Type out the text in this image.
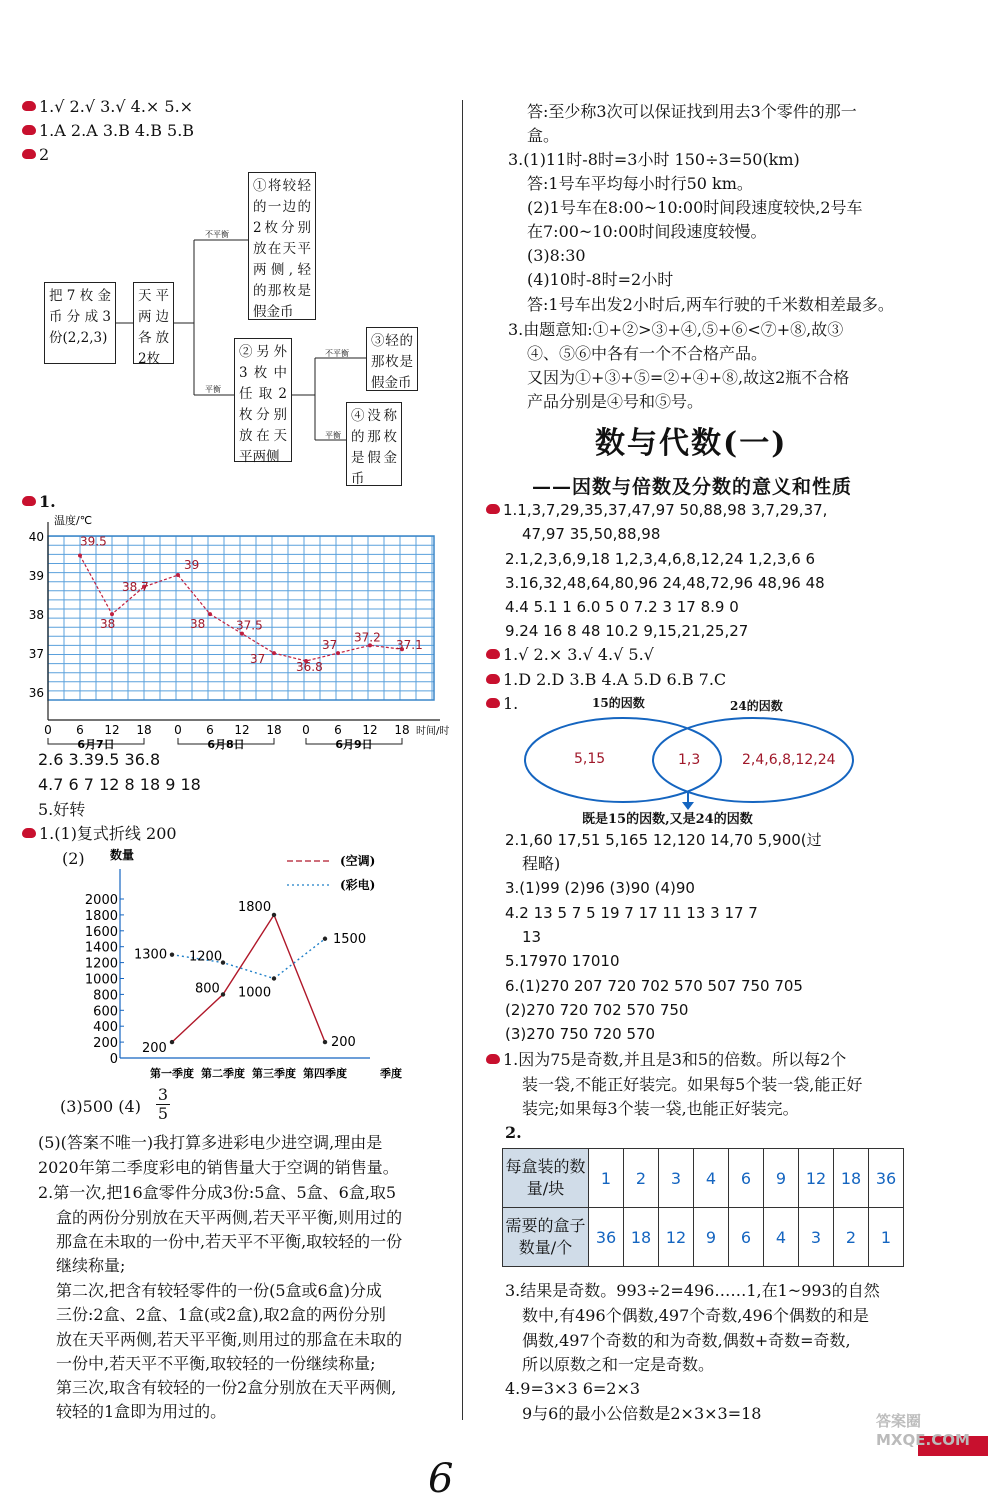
1.√ 2.√ 3.√ 4.× 5.×
1.A 2.A 3.B 4.B 5.B
2
把7枚金币分成3份(2,2,3)
天平两边各放2枚
不平衡
平衡
①将较轻的一边的2枚分别放在天平两侧,轻的那枚是假金币
②另外3枚中任取2枚分别放在天平两侧
不平衡
平衡
③轻的那枚是假金币
④没称的那枚是假金币
1.
温度/℃
时间/时
40
39
38
37
36
0 6 12 18 0 6 12 18 0 6 12 18
6月7日	6月8日	6月9日
39.5
38
38.7
39
38	37.5
37
36.8
37
37.2
37.1
2.6 3.39.5 36.8
4.7 6 7 12 8 18 9 18
5.好转
1.(1)复式折线 200
(2) 数量
2000
1800
1600
1400
1200
1000
800
600
400
200
0
第一季度 第二季度 第三季度 第四季度	季度
(空调)
(彩电)
200
800
1800
200
1300 1200
1000
1500
(3)500 (4)
3
5
(5)(答案不唯一)我打算多进彩电少进空调,理由是
2020年第二季度彩电的销售量大于空调的销售量。
2.第一次,把16盒零件分成3份:5盒、5盒、6盒,取5
盒的两份分别放在天平两侧,若天平平衡,则用过的
那盒在未取的一份中,若天平不平衡,取较轻的一份
继续称量;
第二次,把含有较轻零件的一份(5盒或6盒)分成
三份:2盒、2盒、1盒(或2盒),取2盒的两份分别
放在天平两侧,若天平平衡,则用过的那盒在未取的
一份中,若天平不平衡,取较轻的一份继续称量;
第三次,取含有较轻的一份2盒分别放在天平两侧,
较轻的1盒即为用过的。
答:至少称3次可以保证找到用去3个零件的那一
盒。
3.(1)11时-8时=3小时 150÷3=50(km)
答:1号车平均每小时行50 km。
(2)1号车在8:00~10:00时间段速度较快,2号车
在7:00~10:00时间段速度较慢。
(3)8:30
(4)10时-8时=2小时
答:1号车出发2小时后,两车行驶的千米数相差最多。
3.由题意知:①+②>③+④,⑤+⑥<⑦+⑧,故③
④、⑤⑥中各有一个不合格产品。
又因为①+③+⑤=②+④+⑧,故这2瓶不合格
产品分别是④号和⑤号。
数与代数(一)
——因数与倍数及分数的意义和性质
1.1,3,7,29,35,37,47,97 50,88,98 3,7,29,37,
47,97 35,50,88,98
2.1,2,3,6,9,18 1,2,3,4,6,8,12,24 1,2,3,6 6
3.16,32,48,64,80,96 24,48,72,96 48,96 48
4.4 5.1 1 6.0 5 0 7.2 3 17 8.9 0
9.24 16 8 48 10.2 9,15,21,25,27
1.√ 2.× 3.√ 4.√ 5.√
1.D 2.D 3.B 4.A 5.D 6.B 7.C
1.	15的因数	24的因数
5,15	1,3	2,4,6,8,12,24
既是15的因数,又是24的因数
2.1,60 17,51 5,165 12,120 14,70 5,900(过
程略)
3.(1)99 (2)96 (3)90 (4)90
4.2 13 5 7 5 19 7 17 11 13 3 17 7
13
5.17970 17010
6.(1)270 207 720 702 570 507 750 705
(2)270 720 702 570 750
(3)270 750 720 570
1.因为75是奇数,并且是3和5的倍数。所以每2个
装一袋,不能正好装完。如果每5个装一袋,能正好
装完;如果每3个装一袋,也能正好装完。
2.
每盒装的数量/块	1	2	3	4	6	9	12	18	36
需要的盒子数量/个	36	18	12	9	6	4	3	2	1
3.结果是奇数。993÷2=496……1,在1~993的自然
数中,有496个偶数,497个奇数,496个偶数的和是
偶数,497个奇数的和为奇数,偶数+奇数=奇数,
所以原数之和一定是奇数。
4.9=3×3 6=2×3
9与6的最小公倍数是2×3×3=18
6
答案圈 MXQE.COM
